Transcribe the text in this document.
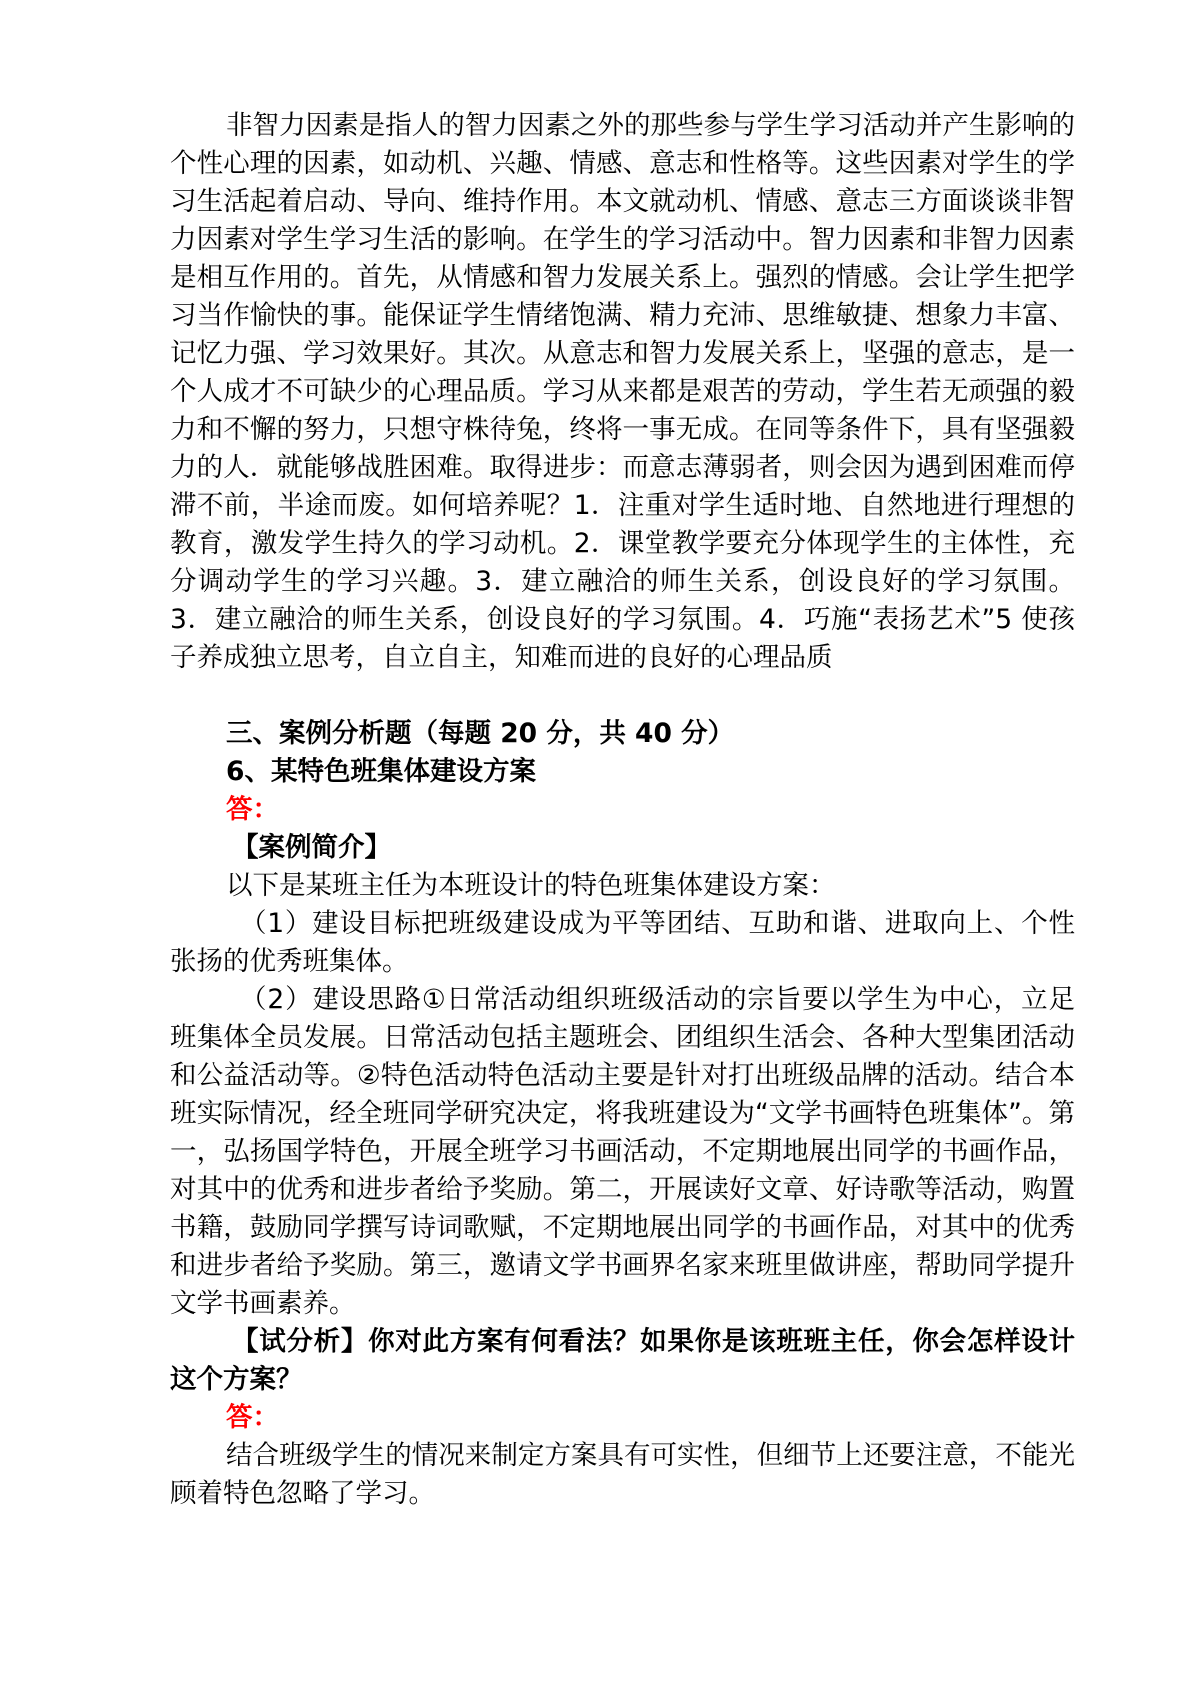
非智力因素是指人的智力因素之外的那些参与学生学习活动并产生影响的个性心理的因素，如动机、兴趣、情感、意志和性格等。这些因素对学生的学习生活起着启动、导向、维持作用。本文就动机、情感、意志三方面谈谈非智力因素对学生学习生活的影响。在学生的学习活动中。智力因素和非智力因素是相互作用的。首先，从情感和智力发展关系上。强烈的情感。会让学生把学习当作愉快的事。能保证学生情绪饱满、精力充沛、思维敏捷、想象力丰富、记忆力强、学习效果好。其次。从意志和智力发展关系上，坚强的意志，是一个人成才不可缺少的心理品质。学习从来都是艰苦的劳动，学生若无顽强的毅力和不懈的努力，只想守株待兔，终将一事无成。在同等条件下，具有坚强毅力的人．就能够战胜困难。取得进步：而意志薄弱者，则会因为遇到困难而停滞不前，半途而废。如何培养呢？1．注重对学生适时地、自然地进行理想的教育，激发学生持久的学习动机。2．课堂教学要充分体现学生的主体性，充分调动学生的学习兴趣。3．建立融洽的师生关系，创设良好的学习氛围。3．建立融洽的师生关系，创设良好的学习氛围。4．巧施“表扬艺术”5 使孩子养成独立思考，自立自主，知难而进的良好的心理品质

三、案例分析题（每题 20 分，共 40 分）

6、某特色班集体建设方案

答：

【案例简介】

以下是某班主任为本班设计的特色班集体建设方案：

（1）建设目标把班级建设成为平等团结、互助和谐、进取向上、个性张扬的优秀班集体。

（2）建设思路①日常活动组织班级活动的宗旨要以学生为中心，立足班集体全员发展。日常活动包括主题班会、团组织生活会、各种大型集团活动和公益活动等。②特色活动特色活动主要是针对打出班级品牌的活动。结合本班实际情况，经全班同学研究决定，将我班建设为“文学书画特色班集体”。第一，弘扬国学特色，开展全班学习书画活动，不定期地展出同学的书画作品，对其中的优秀和进步者给予奖励。第二，开展读好文章、好诗歌等活动，购置书籍，鼓励同学撰写诗词歌赋，不定期地展出同学的书画作品，对其中的优秀和进步者给予奖励。第三，邀请文学书画界名家来班里做讲座，帮助同学提升文学书画素养。

【试分析】你对此方案有何看法？如果你是该班班主任，你会怎样设计这个方案？

答：

结合班级学生的情况来制定方案具有可实性，但细节上还要注意，不能光顾着特色忽略了学习。
